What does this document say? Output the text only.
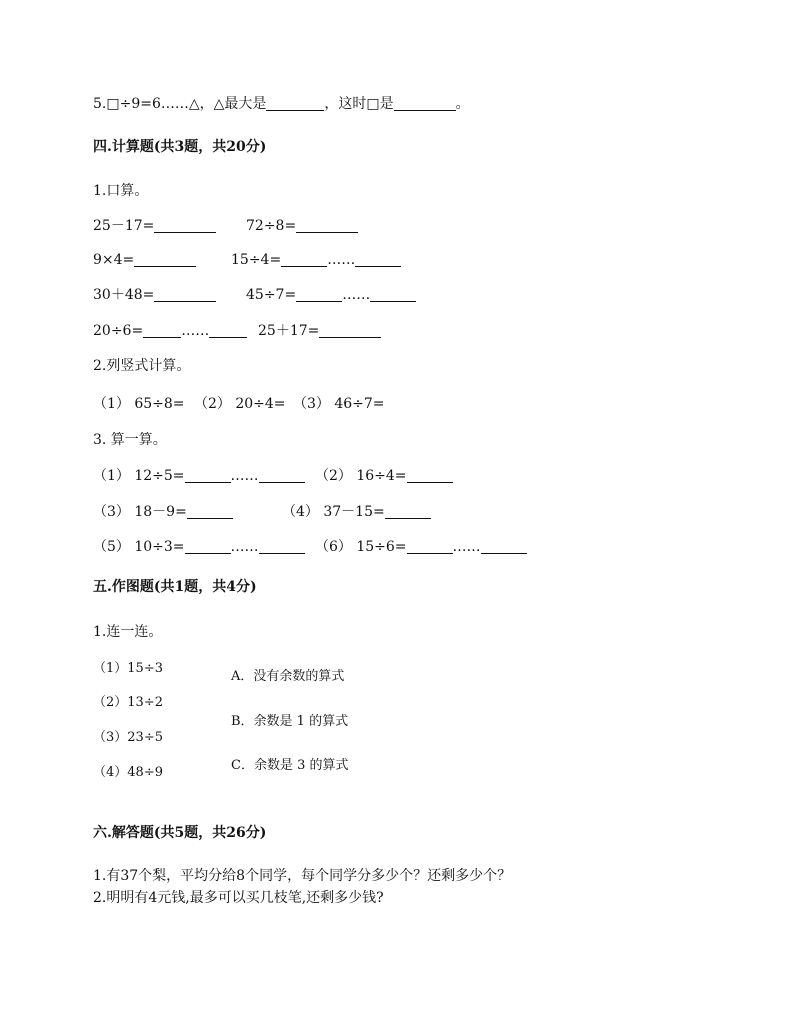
5.□÷9=6……△，△最大是	，这时□是	。
四.计算题(共3题，共20分)
1.口算。
25－17=	72÷8=
9×4=	15÷4=	……
30＋48=	45÷7=	……
20÷6=	……	25＋17=
2.列竖式计算。
（1） 65÷8= （2） 20÷4= （3） 46÷7=
3. 算一算。
（1） 12÷5=	……	（2） 16÷4=
（3） 18－9=	（4） 37－15=
（5） 10÷3=	……	（6） 15÷6=	……
五.作图题(共1题，共4分)
1.连一连。
（1）15÷3
（2）13÷2
（3）23÷5
（4）48÷9
A．没有余数的算式
B．余数是 1 的算式
C．余数是 3 的算式
六.解答题(共5题，共26分)
1.有37个梨，平均分给8个同学，每个同学分多少个？还剩多少个？
2.明明有4元钱,最多可以买几枝笔,还剩多少钱?
